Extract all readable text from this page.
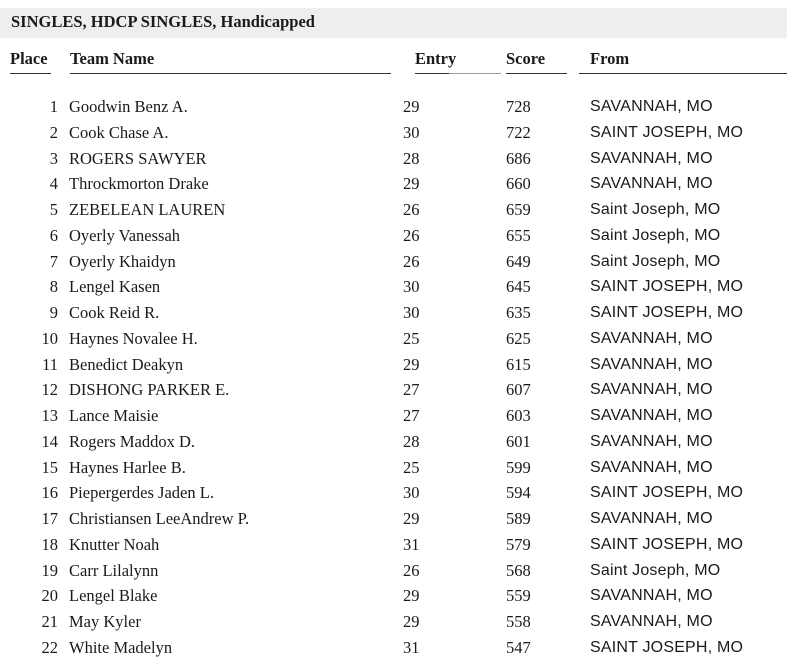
SINGLES, HDCP SINGLES, Handicapped
Place Team Name	Entry	Score	From
1 Goodwin Benz A.	29	728	SAVANNAH, MO
2 Cook Chase A.	30	722	SAINT JOSEPH, MO
3 ROGERS SAWYER	28	686	SAVANNAH, MO
4 Throckmorton Drake	29	660	SAVANNAH, MO
5 ZEBELEAN LAUREN	26	659	Saint Joseph, MO
6 Oyerly Vanessah	26	655	Saint Joseph, MO
7 Oyerly Khaidyn	26	649	Saint Joseph, MO
8 Lengel Kasen	30	645	SAINT JOSEPH, MO
9 Cook Reid R.	30	635	SAINT JOSEPH, MO
10 Haynes Novalee H.	25	625	SAVANNAH, MO
11 Benedict Deakyn	29	615	SAVANNAH, MO
12 DISHONG PARKER E.	27	607	SAVANNAH, MO
13 Lance Maisie	27	603	SAVANNAH, MO
14 Rogers Maddox D.	28	601	SAVANNAH, MO
15 Haynes Harlee B.	25	599	SAVANNAH, MO
16 Piepergerdes Jaden L.	30	594	SAINT JOSEPH, MO
17 Christiansen LeeAndrew P.	29	589	SAVANNAH, MO
18 Knutter Noah	31	579	SAINT JOSEPH, MO
19 Carr Lilalynn	26	568	Saint Joseph, MO
20 Lengel Blake	29	559	SAVANNAH, MO
21 May Kyler	29	558	SAVANNAH, MO
22 White Madelyn	31	547	SAINT JOSEPH, MO
